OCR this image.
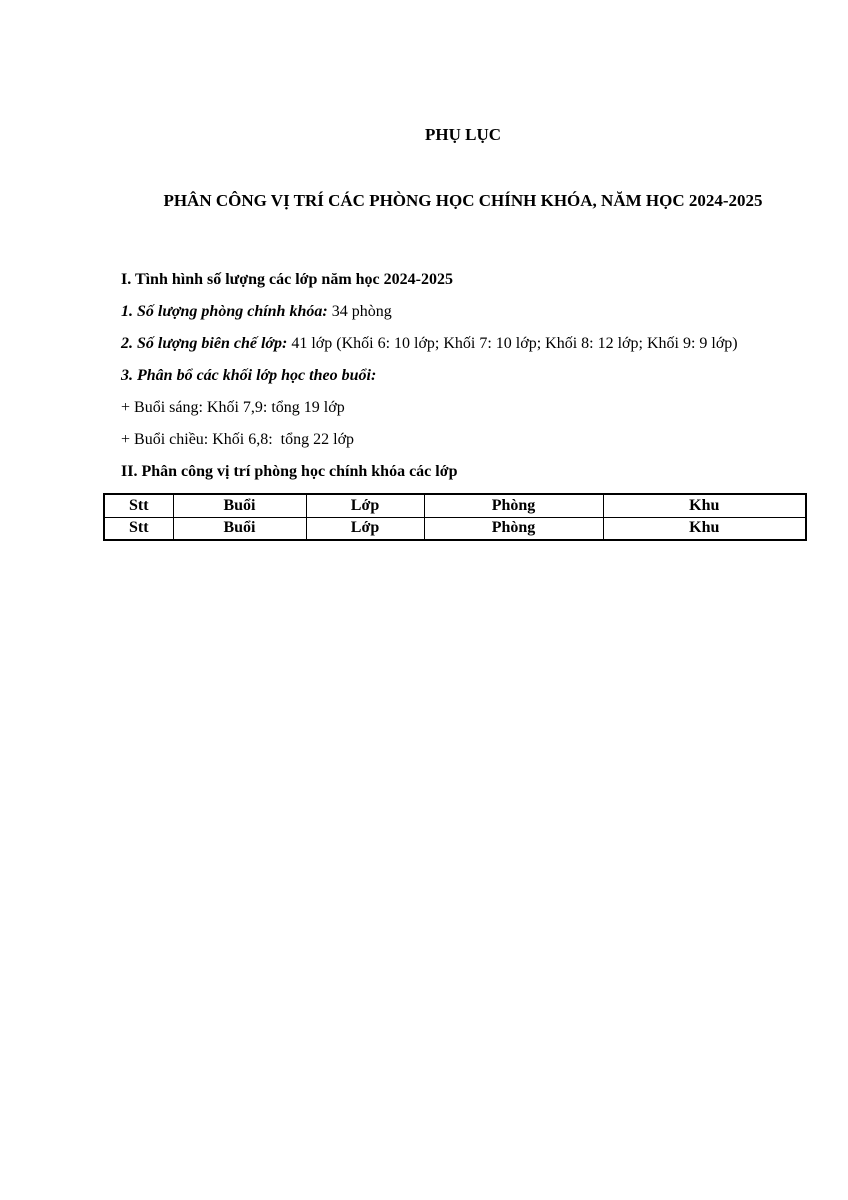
PHỤ LỤC

PHÂN CÔNG VỊ TRÍ CÁC PHÒNG HỌC CHÍNH KHÓA, NĂM HỌC 2024-2025

I. Tình hình số lượng các lớp năm học 2024-2025

1. Số lượng phòng chính khóa: 34 phòng

2. Số lượng biên chế lớp: 41 lớp (Khối 6: 10 lớp; Khối 7: 10 lớp; Khối 8: 12 lớp; Khối 9: 9 lớp)

3. Phân bổ các khối lớp học theo buổi:

+ Buổi sáng: Khối 7,9: tổng 19 lớp

+ Buổi chiều: Khối 6,8:  tổng 22 lớp

II. Phân công vị trí phòng học chính khóa các lớp

Stt	Buổi	Lớp	Phòng	Khu
Stt	Buổi	Lớp	Phòng	Khu
